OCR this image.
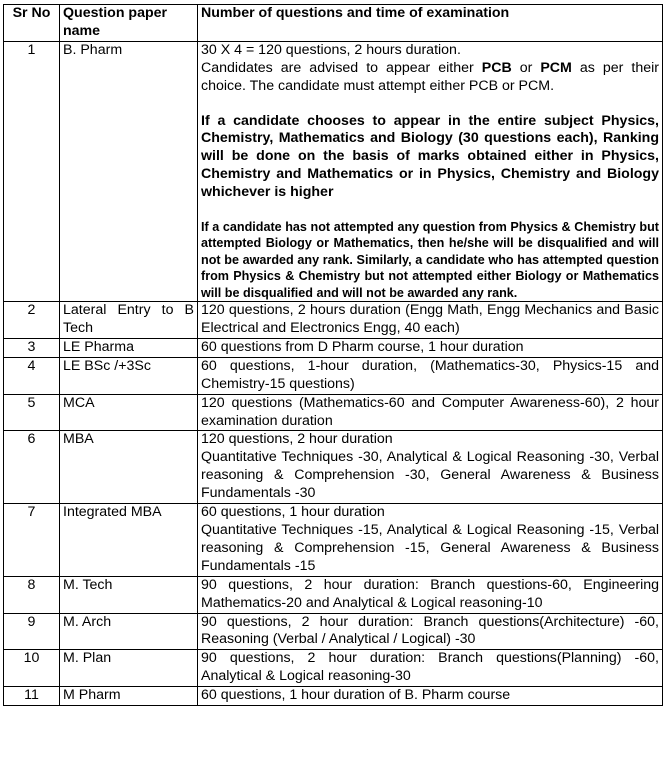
Sr No	Question paper name	Number of questions and time of examination
1	B. Pharm	30 X 4 = 120 questions, 2 hours duration.
Candidates are advised to appear either PCB or PCM as per their choice. The candidate must attempt either PCB or PCM.
If a candidate chooses to appear in the entire subject Physics, Chemistry, Mathematics and Biology (30 questions each), Ranking will be done on the basis of marks obtained either in Physics, Chemistry and Mathematics or in Physics, Chemistry and Biology whichever is higher
If a candidate has not attempted any question from Physics & Chemistry but attempted Biology or Mathematics, then he/she will be disqualified and will not be awarded any rank. Similarly, a candidate who has attempted question from Physics & Chemistry but not attempted either Biology or Mathematics will be disqualified and will not be awarded any rank.

2	Lateral Entry to B Tech	120 questions, 2 hours duration (Engg Math, Engg Mechanics and Basic Electrical and Electronics Engg, 40 each)

3	LE Pharma	60 questions from D Pharm course, 1 hour duration

4	LE BSc /+3Sc	60 questions, 1-hour duration, (Mathematics-30, Physics-15 and Chemistry-15 questions)

5	MCA	120 questions (Mathematics-60 and Computer Awareness-60), 2 hour examination duration

6	MBA	120 questions, 2 hour duration
Quantitative Techniques -30, Analytical & Logical Reasoning -30, Verbal reasoning & Comprehension -30, General Awareness & Business Fundamentals -30

7	Integrated MBA	60 questions, 1 hour duration
Quantitative Techniques -15, Analytical & Logical Reasoning -15, Verbal reasoning & Comprehension -15, General Awareness & Business Fundamentals -15

8	M. Tech	90 questions, 2 hour duration: Branch questions-60, Engineering Mathematics-20 and Analytical & Logical reasoning-10

9	M. Arch	90 questions, 2 hour duration: Branch questions(Architecture) -60, Reasoning (Verbal / Analytical / Logical) -30

10	M. Plan	90 questions, 2 hour duration: Branch questions(Planning) -60, Analytical & Logical reasoning-30

11	M Pharm	60 questions, 1 hour duration of B. Pharm course
